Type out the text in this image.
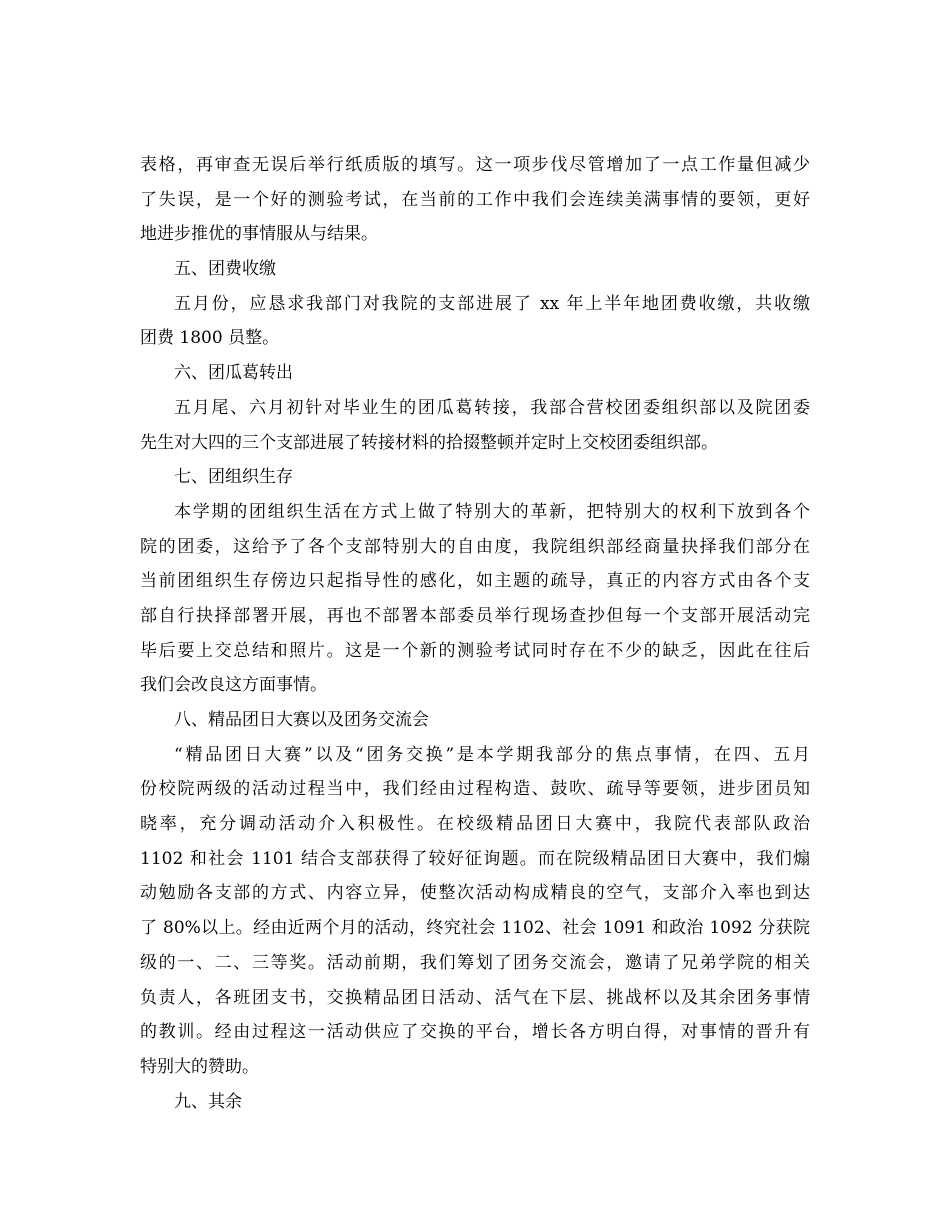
表格，再审查无误后举行纸质版的填写。这一项步伐尽管增加了一点工作量但减少
了失误，是一个好的测验考试，在当前的工作中我们会连续美满事情的要领，更好
地进步推优的事情服从与结果。
五、团费收缴
五月份，应恳求我部门对我院的支部进展了 xx 年上半年地团费收缴，共收缴
团费 1800 员整。
六、团瓜葛转出
五月尾、六月初针对毕业生的团瓜葛转接，我部合营校团委组织部以及院团委
先生对大四的三个支部进展了转接材料的拾掇整顿并定时上交校团委组织部。
七、团组织生存
本学期的团组织生活在方式上做了特别大的革新，把特别大的权利下放到各个
院的团委，这给予了各个支部特别大的自由度，我院组织部经商量抉择我们部分在
当前团组织生存傍边只起指导性的感化，如主题的疏导，真正的内容方式由各个支
部自行抉择部署开展，再也不部署本部委员举行现场查抄但每一个支部开展活动完
毕后要上交总结和照片。这是一个新的测验考试同时存在不少的缺乏，因此在往后
我们会改良这方面事情。
八、精品团日大赛以及团务交流会
“精品团日大赛”以及“团务交换”是本学期我部分的焦点事情，在四、五月
份校院两级的活动过程当中，我们经由过程构造、鼓吹、疏导等要领，进步团员知
晓率，充分调动活动介入积极性。在校级精品团日大赛中，我院代表部队政治
1102 和社会 1101 结合支部获得了较好征询题。而在院级精品团日大赛中，我们煽
动勉励各支部的方式、内容立异，使整次活动构成精良的空气，支部介入率也到达
了 80%以上。经由近两个月的活动，终究社会 1102、社会 1091 和政治 1092 分获院
级的一、二、三等奖。活动前期，我们筹划了团务交流会，邀请了兄弟学院的相关
负责人，各班团支书，交换精品团日活动、活气在下层、挑战杯以及其余团务事情
的教训。经由过程这一活动供应了交换的平台，增长各方明白得，对事情的晋升有
特别大的赞助。
九、其余
